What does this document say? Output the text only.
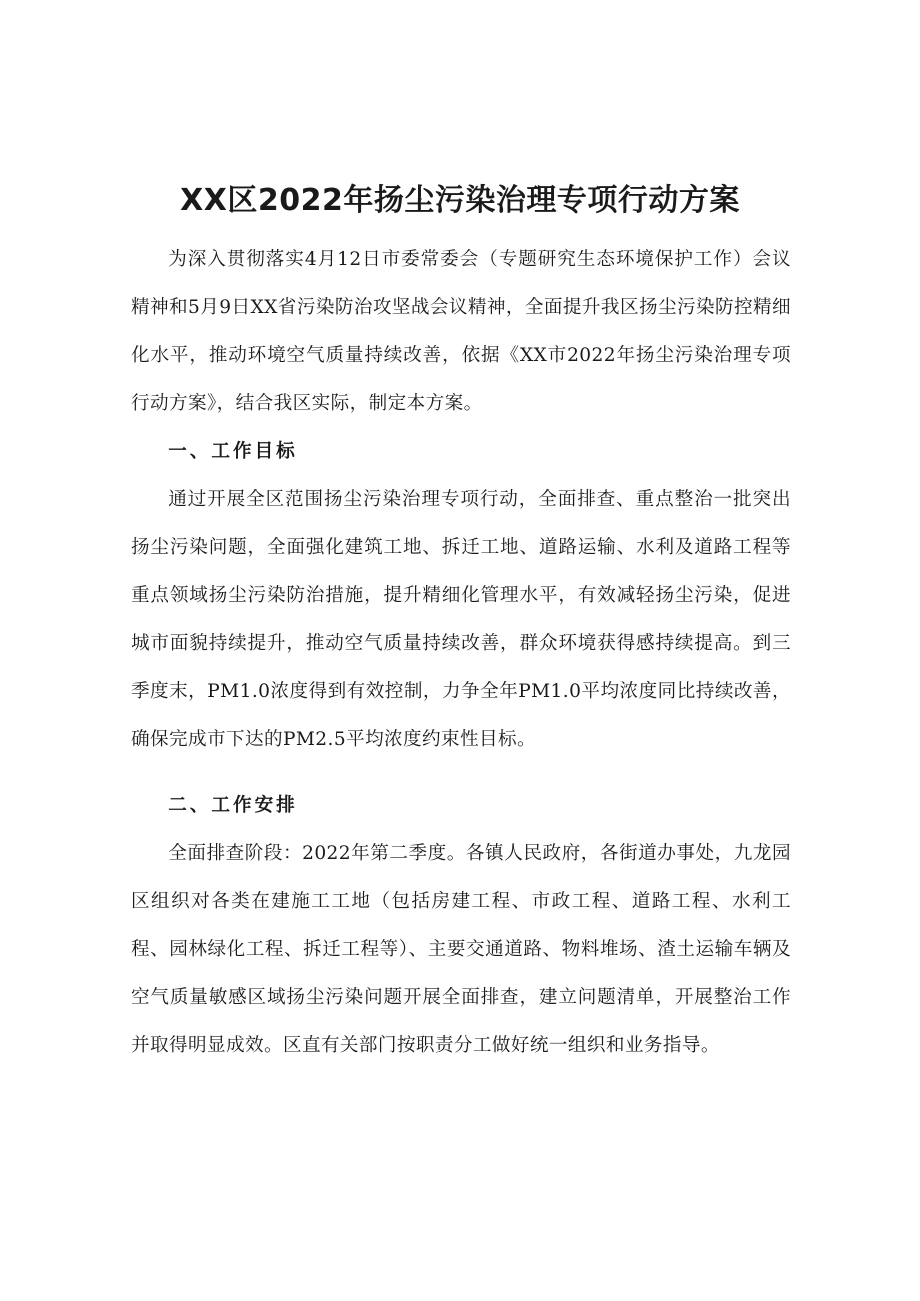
XX区2022年扬尘污染治理专项行动方案

为深入贯彻落实4月12日市委常委会（专题研究生态环境保护工作）会议精神和5月9日XX省污染防治攻坚战会议精神，全面提升我区扬尘污染防控精细化水平，推动环境空气质量持续改善，依据《XX市2022年扬尘污染治理专项行动方案》，结合我区实际，制定本方案。

一、工作目标

通过开展全区范围扬尘污染治理专项行动，全面排查、重点整治一批突出扬尘污染问题，全面强化建筑工地、拆迁工地、道路运输、水利及道路工程等重点领域扬尘污染防治措施，提升精细化管理水平，有效减轻扬尘污染，促进城市面貌持续提升，推动空气质量持续改善，群众环境获得感持续提高。到三季度末，PM1.0浓度得到有效控制，力争全年PM1.0平均浓度同比持续改善，确保完成市下达的PM2.5平均浓度约束性目标。

二、工作安排

全面排查阶段：2022年第二季度。各镇人民政府，各街道办事处，九龙园区组织对各类在建施工工地（包括房建工程、市政工程、道路工程、水利工程、园林绿化工程、拆迁工程等）、主要交通道路、物料堆场、渣土运输车辆及空气质量敏感区域扬尘污染问题开展全面排查，建立问题清单，开展整治工作并取得明显成效。区直有关部门按职责分工做好统一组织和业务指导。
